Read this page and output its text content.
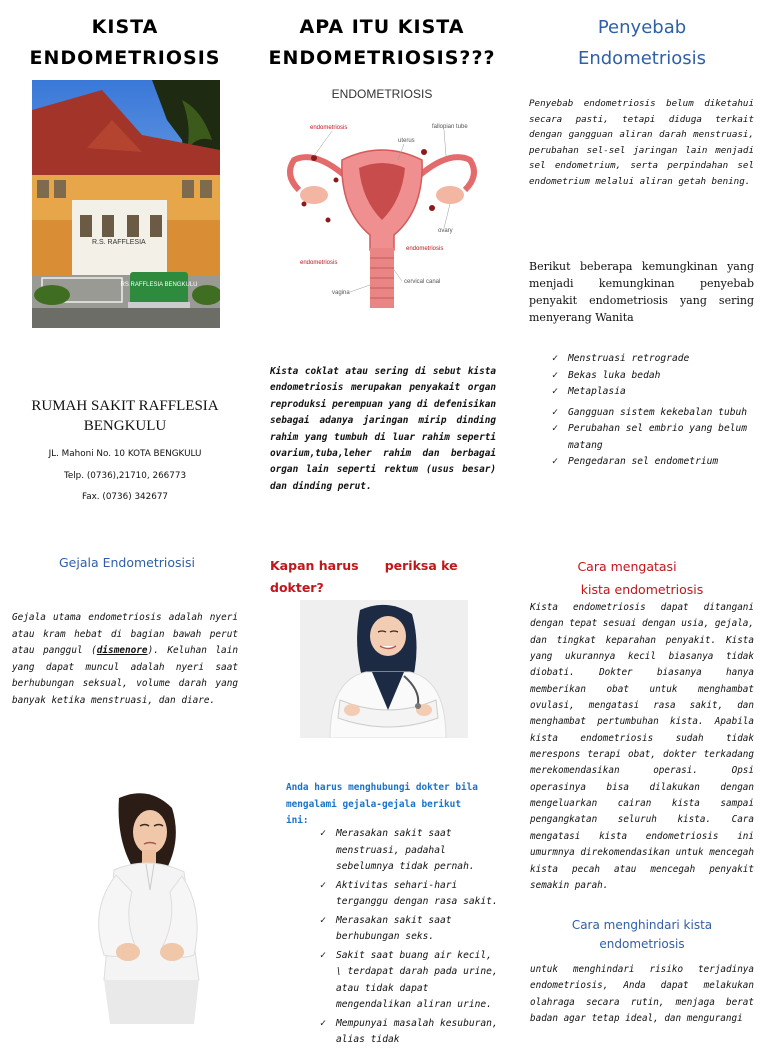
KISTA
ENDOMETRIOSIS
R.S. RAFFLESIA
RS RAFFLESIA BENGKULU
RUMAH SAKIT RAFFLESIA
BENGKULU
JL. Mahoni No. 10 KOTA BENGKULU
Telp. (0736),21710, 266773
Fax. (0736) 342677
APA ITU KISTA
ENDOMETRIOSIS???
ENDOMETRIOSIS
endometriosis
endometriosis
endometriosis
uterus
fallopian tube
ovary
cervical canal
vagina
Kista coklat atau sering di sebut kista endometriosis merupakan penyakait organ reproduksi perempuan yang di defenisikan sebagai adanya jaringan mirip dinding rahim yang tumbuh di luar rahim seperti ovarium,tuba,leher rahim dan berbagai organ lain seperti rektum (usus besar) dan dinding perut.
Penyebab
Endometriosis
Penyebab endometriosis belum diketahui secara pasti, tetapi diduga terkait dengan gangguan aliran darah menstruasi, perubahan sel-sel jaringan lain menjadi sel endometrium, serta perpindahan sel endometrium melalui aliran getah bening.
Berikut beberapa kemungkinan yang menjadi kemungkinan penyebab penyakit endometriosis yang sering menyerang Wanita
✓ Menstruasi retrograde
✓ Bekas luka bedah
✓ Metaplasia
✓ Gangguan sistem kekebalan tubuh
✓ Perubahan sel embrio yang belum matang
✓ Pengedaran sel endometrium
Gejala Endometriosisi
Gejala utama endometriosis adalah nyeri atau kram hebat di bagian bawah perut atau panggul (dismenore). Keluhan lain yang dapat muncul adalah nyeri saat berhubungan seksual, volume darah yang banyak ketika menstruasi, dan diare.
Kapan harus      periksa ke dokter?
Anda harus menghubungi dokter bila mengalami gejala-gejala berikut ini:
✓ Merasakan sakit saat menstruasi, padahal sebelumnya tidak pernah.
✓ Aktivitas sehari-hari terganggu dengan rasa sakit.
✓ Merasakan sakit saat berhubungan seks.
✓ Sakit saat buang air kecil, \ terdapat darah pada urine, atau tidak dapat mengendalikan aliran urine.
✓ Mempunyai masalah kesuburan, alias tidak
Cara mengatasi
kista endometriosis
Kista endometriosis dapat ditangani dengan tepat sesuai dengan usia, gejala, dan tingkat keparahan penyakit. Kista yang ukurannya kecil biasanya tidak diobati. Dokter biasanya hanya memberikan obat untuk menghambat ovulasi, mengatasi rasa sakit, dan menghambat pertumbuhan kista. Apabila kista endometriosis sudah tidak merespons terapi obat, dokter terkadang merekomendasikan operasi. Opsi operasinya bisa dilakukan dengan mengeluarkan cairan kista sampai pengangkatan seluruh kista. Cara mengatasi kista endometriosis ini umurmnya direkomendasikan untuk mencegah kista pecah atau mencegah penyakit semakin parah.
Cara menghindari kista
endometriosis
untuk menghindari risiko terjadinya endometriosis, Anda dapat melakukan olahraga secara rutin, menjaga berat badan agar tetap ideal, dan mengurangi
